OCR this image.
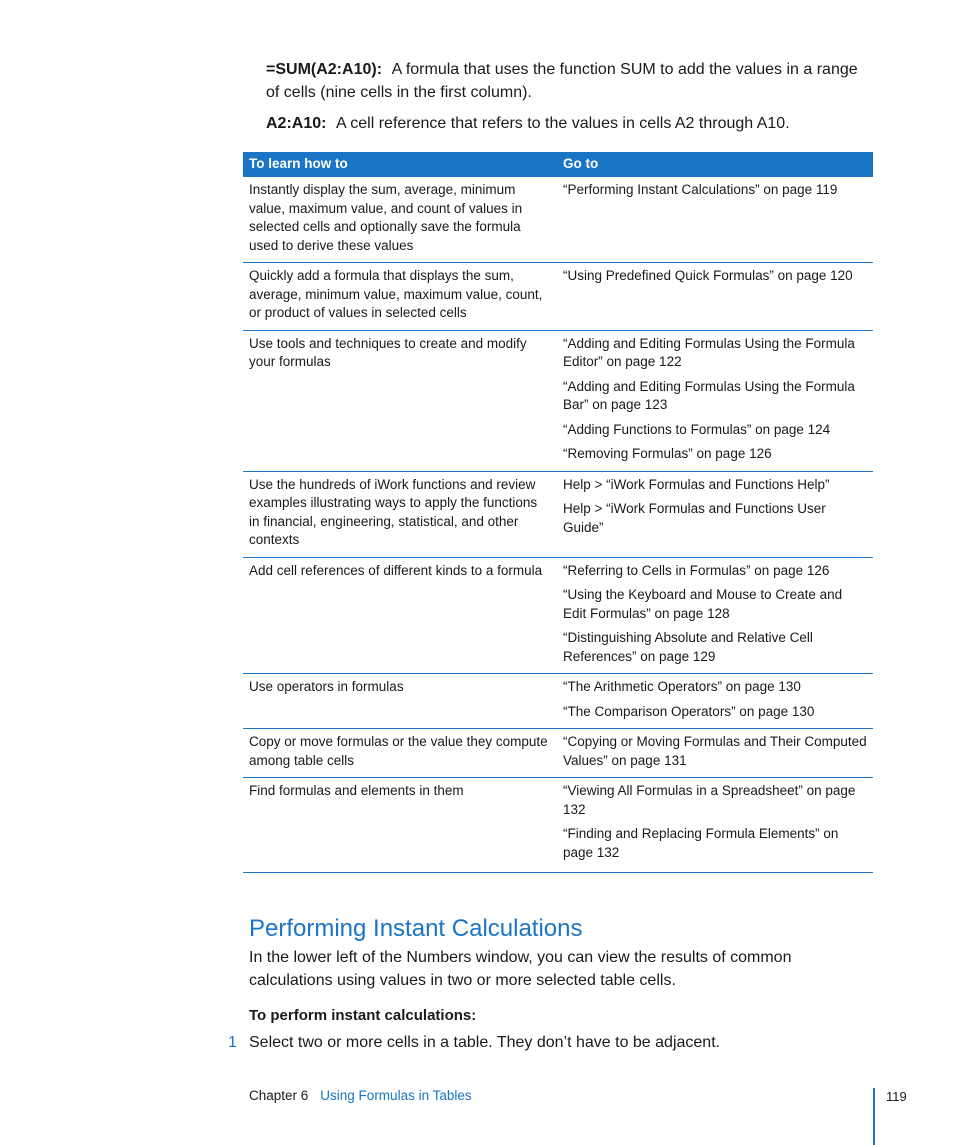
=SUM(A2:A10): A formula that uses the function SUM to add the values in a range of cells (nine cells in the first column).

A2:A10: A cell reference that refers to the values in cells A2 through A10.

To learn how to	Go to
Instantly display the sum, average, minimum value, maximum value, and count of values in selected cells and optionally save the formula used to derive these values	“Performing Instant Calculations” on page 119

Quickly add a formula that displays the sum, average, minimum value, maximum value, count, or product of values in selected cells	“Using Predefined Quick Formulas” on page 120

Use tools and techniques to create and modify your formulas	“Adding and Editing Formulas Using the Formula Editor” on page 122

“Adding and Editing Formulas Using the Formula Bar” on page 123

“Adding Functions to Formulas” on page 124

“Removing Formulas” on page 126

Use the hundreds of iWork functions and review examples illustrating ways to apply the functions in financial, engineering, statistical, and other contexts	Help > “iWork Formulas and Functions Help”

Help > “iWork Formulas and Functions User Guide”

Add cell references of different kinds to a formula	“Referring to Cells in Formulas” on page 126

“Using the Keyboard and Mouse to Create and Edit Formulas” on page 128

“Distinguishing Absolute and Relative Cell References” on page 129

Use operators in formulas	“The Arithmetic Operators” on page 130

“The Comparison Operators” on page 130

Copy or move formulas or the value they compute among table cells	“Copying or Moving Formulas and Their Computed Values” on page 131

Find formulas and elements in them	“Viewing All Formulas in a Spreadsheet” on page 132

“Finding and Replacing Formula Elements” on page 132

Performing Instant Calculations

In the lower left of the Numbers window, you can view the results of common calculations using values in two or more selected table cells.

To perform instant calculations:

1 Select two or more cells in a table. They don’t have to be adjacent.
Chapter 6 Using Formulas in Tables	119
